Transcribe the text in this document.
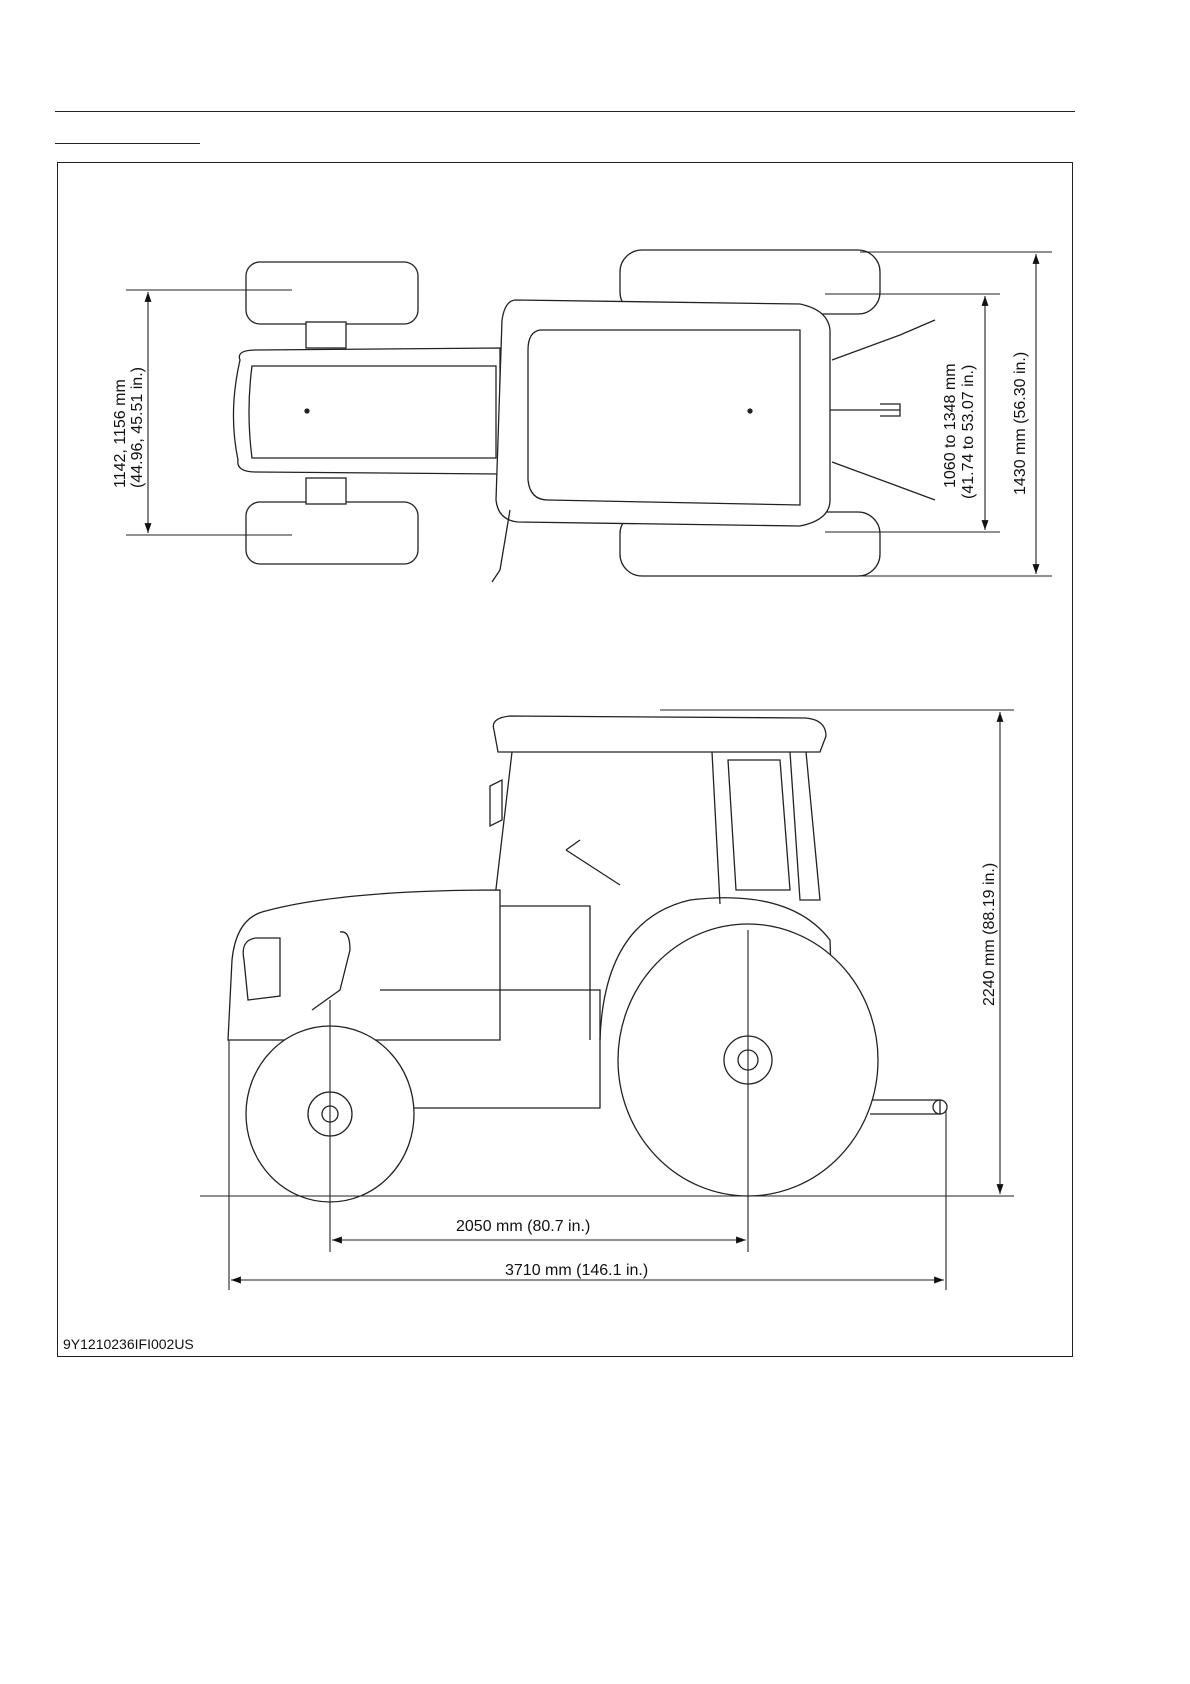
1142, 1156 mm (44.96, 45.51 in.)	1060 to 1348 mm (41.74 to 53.07 in.) 1430 mm (56.30 in.)
2240 mm (88.19 in.)
2050 mm (80.7 in.)
3710 mm (146.1 in.)
9Y1210236IFI002US
